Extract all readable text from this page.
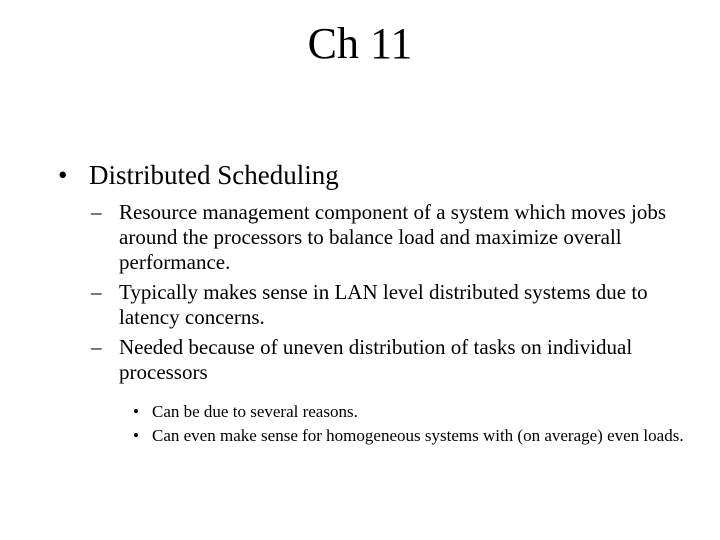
Ch 11

• Distributed Scheduling

– Resource management component of a system which moves jobs around the processors to balance load and maximize overall performance.

– Typically makes sense in LAN level distributed systems due to latency concerns.

– Needed because of uneven distribution of tasks on individual processors

• Can be due to several reasons.

• Can even make sense for homogeneous systems with (on average) even loads.
